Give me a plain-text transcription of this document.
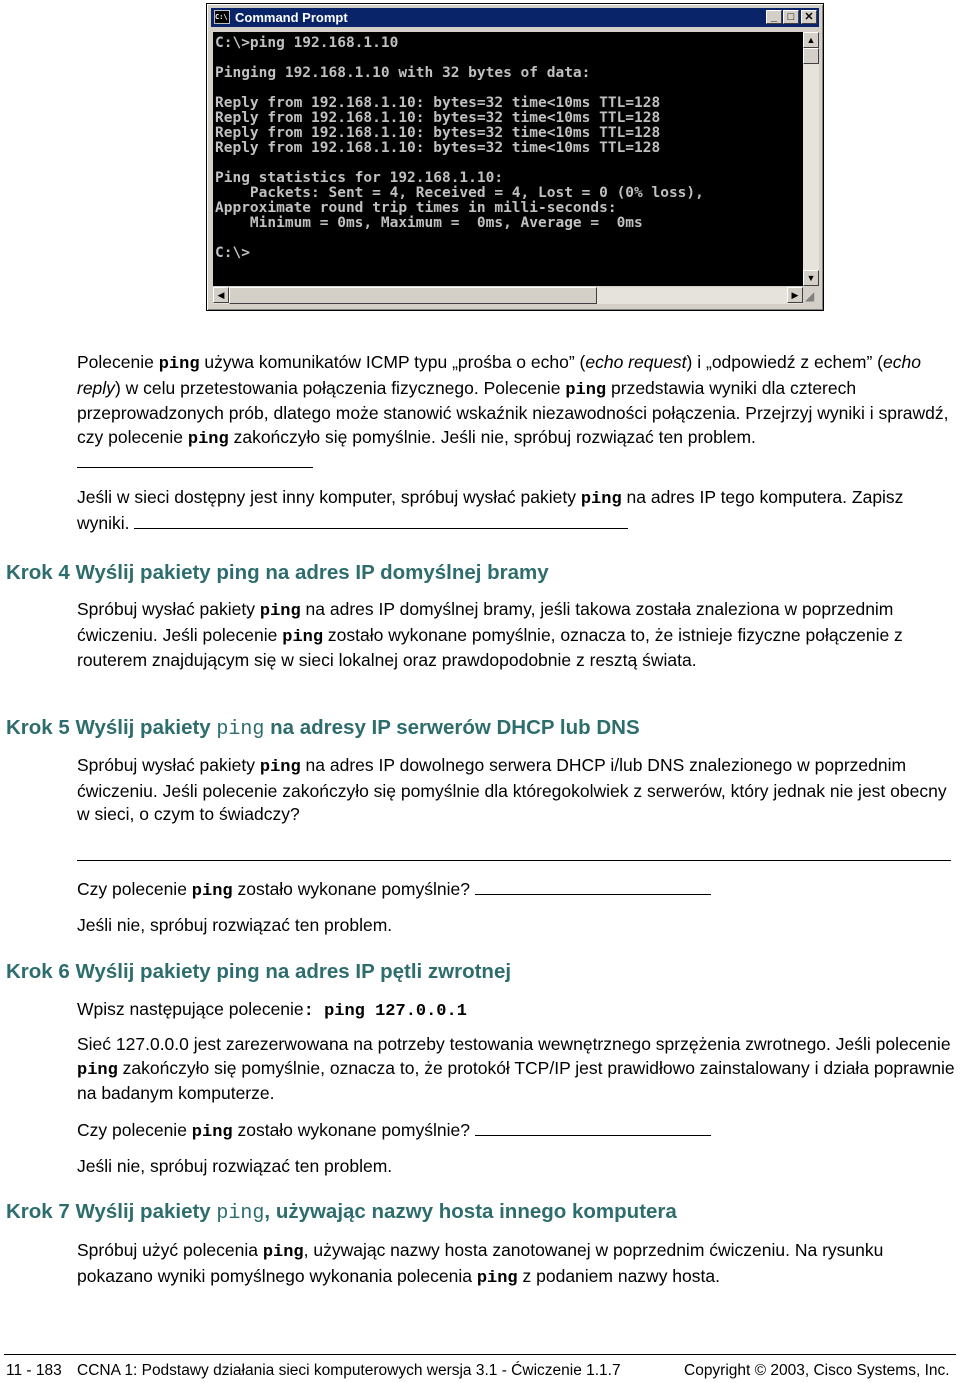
C:\ Command Prompt	_ □ ✕
C:\>ping 192.168.1.10

Pinging 192.168.1.10 with 32 bytes of data:

Reply from 192.168.1.10: bytes=32 time<10ms TTL=128
Reply from 192.168.1.10: bytes=32 time<10ms TTL=128
Reply from 192.168.1.10: bytes=32 time<10ms TTL=128
Reply from 192.168.1.10: bytes=32 time<10ms TTL=128

Ping statistics for 192.168.1.10:
Packets: Sent = 4, Received = 4, Lost = 0 (0% loss),
Approximate round trip times in milli-seconds:
Minimum = 0ms, Maximum =  0ms, Average =  0ms

C:\>
▲
▼
◀	▶ ◢
Polecenie ping używa komunikatów ICMP typu „prośba o echo” (echo request) i „odpowiedź z echem” (echo reply) w celu przetestowania połączenia fizycznego. Polecenie ping przedstawia wyniki dla czterech przeprowadzonych prób, dlatego może stanowić wskaźnik niezawodności połączenia. Przejrzyj wyniki i sprawdź, czy polecenie ping zakończyło się pomyślnie. Jeśli nie, spróbuj rozwiązać ten problem.
Jeśli w sieci dostępny jest inny komputer, spróbuj wysłać pakiety ping na adres IP tego komputera. Zapisz wyniki.
Krok 4 Wyślij pakiety ping na adres IP domyślnej bramy
Spróbuj wysłać pakiety ping na adres IP domyślnej bramy, jeśli takowa została znaleziona w poprzednim ćwiczeniu. Jeśli polecenie ping zostało wykonane pomyślnie, oznacza to, że istnieje fizyczne połączenie z routerem znajdującym się w sieci lokalnej oraz prawdopodobnie z resztą świata.
Krok 5 Wyślij pakiety ping na adresy IP serwerów DHCP lub DNS
Spróbuj wysłać pakiety ping na adres IP dowolnego serwera DHCP i/lub DNS znalezionego w poprzednim ćwiczeniu. Jeśli polecenie zakończyło się pomyślnie dla któregokolwiek z serwerów, który jednak nie jest obecny w sieci, o czym to świadczy?
Czy polecenie ping zostało wykonane pomyślnie?
Jeśli nie, spróbuj rozwiązać ten problem.
Krok 6 Wyślij pakiety ping na adres IP pętli zwrotnej
Wpisz następujące polecenie: ping 127.0.0.1
Sieć 127.0.0.0 jest zarezerwowana na potrzeby testowania wewnętrznego sprzężenia zwrotnego. Jeśli polecenie ping zakończyło się pomyślnie, oznacza to, że protokół TCP/IP jest prawidłowo zainstalowany i działa poprawnie na badanym komputerze.
Czy polecenie ping zostało wykonane pomyślnie?
Jeśli nie, spróbuj rozwiązać ten problem.
Krok 7 Wyślij pakiety ping, używając nazwy hosta innego komputera
Spróbuj użyć polecenia ping, używając nazwy hosta zanotowanej w poprzednim ćwiczeniu. Na rysunku pokazano wyniki pomyślnego wykonania polecenia ping z podaniem nazwy hosta.
11 - 183 CCNA 1: Podstawy działania sieci komputerowych wersja 3.1 - Ćwiczenie 1.1.7	Copyright © 2003, Cisco Systems, Inc.
